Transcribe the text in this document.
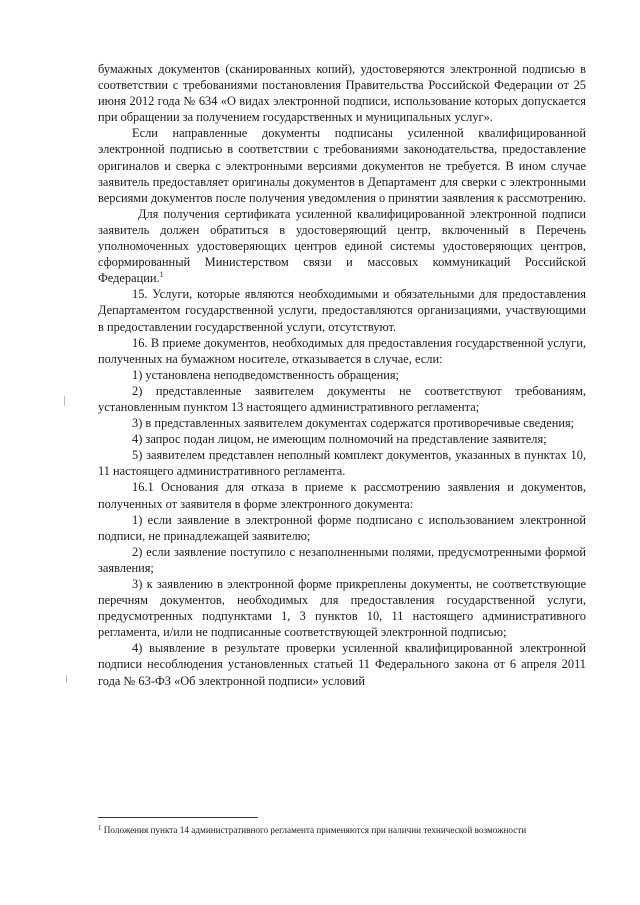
бумажных документов (сканированных копий), удостоверяются электронной подписью в соответствии с требованиями постановления Правительства Российской Федерации от 25 июня 2012 года № 634 «О видах электронной подписи, использование которых допускается при обращении за получением государственных и муниципальных услуг».

Если направленные документы подписаны усиленной квалифицированной электронной подписью в соответствии с требованиями законодательства, предоставление оригиналов и сверка с электронными версиями документов не требуется. В ином случае заявитель предоставляет оригиналы документов в Департамент для сверки с электронными версиями документов после получения уведомления о принятии заявления к рассмотрению.

Для получения сертификата усиленной квалифицированной электронной подписи заявитель должен обратиться в удостоверяющий центр, включенный в Перечень уполномоченных удостоверяющих центров единой системы удостоверяющих центров, сформированный Министерством связи и массовых коммуникаций Российской Федерации.$^1$

15. Услуги, которые являются необходимыми и обязательными для предоставления Департаментом государственной услуги, предоставляются организациями, участвующими в предоставлении государственной услуги, отсутствуют.

16. В приеме документов, необходимых для предоставления государственной услуги, полученных на бумажном носителе, отказывается в случае, если:

1) установлена неподведомственность обращения;

2) представленные заявителем документы не соответствуют требованиям, установленным пунктом 13 настоящего административного регламента;

3) в представленных заявителем документах содержатся противоречивые сведения;

4) запрос подан лицом, не имеющим полномочий на представление заявителя;

5) заявителем представлен неполный комплект документов, указанных в пунктах 10, 11 настоящего административного регламента.

16.1 Основания для отказа в приеме к рассмотрению заявления и документов, полученных от заявителя в форме электронного документа:

1) если заявление в электронной форме подписано с использованием электронной подписи, не принадлежащей заявителю;

2) если заявление поступило с незаполненными полями, предусмотренными формой заявления;

3) к заявлению в электронной форме прикреплены документы, не соответствующие перечням документов, необходимых для предоставления государственной услуги, предусмотренных подпунктами 1, 3 пунктов 10, 11 настоящего административного регламента, и/или не подписанные соответствующей электронной подписью;

4) выявление в результате проверки усиленной квалифицированной электронной подписи несоблюдения установленных статьей 11 Федерального закона от 6 апреля 2011 года № 63-ФЗ «Об электронной подписи» условий

$^1$ Положения пункта 14 административного регламента применяются при наличии технической возможности
